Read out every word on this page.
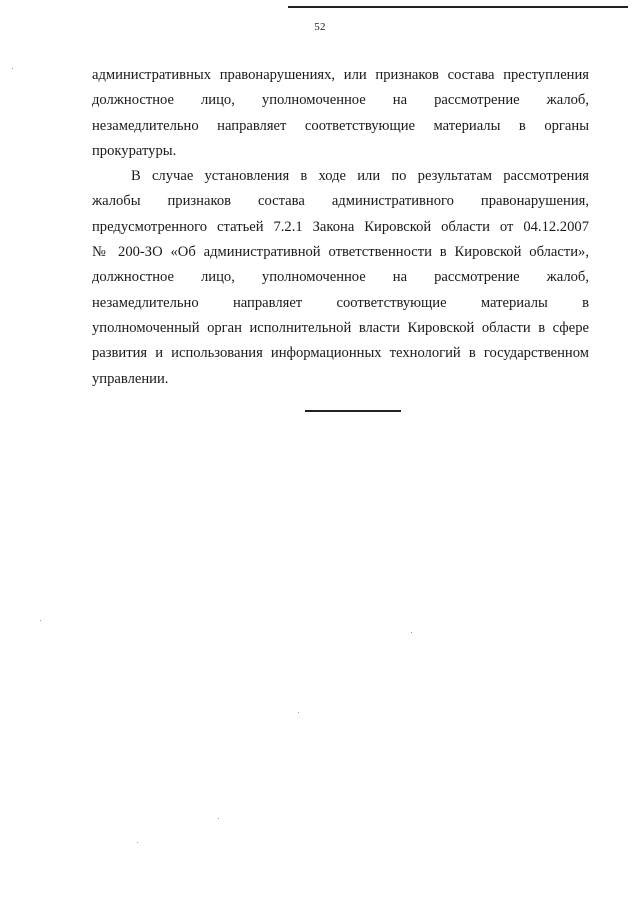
52

административных правонарушениях, или признаков состава преступления
должностное лицо, уполномоченное на рассмотрение жалоб,
незамедлительно направляет соответствующие материалы в органы
прокуратуры.

В случае установления в ходе или по результатам рассмотрения
жалобы признаков состава административного правонарушения,
предусмотренного статьей 7.2.1 Закона Кировской области от 04.12.2007
№ 200-ЗО «Об административной ответственности в Кировской области»,
должностное лицо, уполномоченное на рассмотрение жалоб,
незамедлительно направляет соответствующие материалы в
уполномоченный орган исполнительной власти Кировской области в сфере
развития и использования информационных технологий в государственном
управлении.
